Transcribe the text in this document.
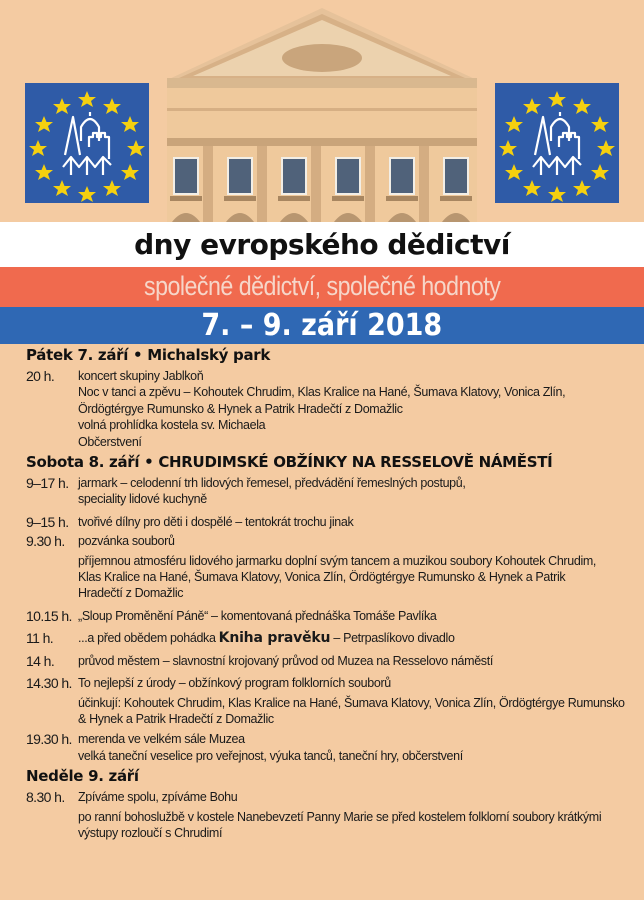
dny evropského dědictví
společné dědictví, společné hodnoty
7. – 9. září 2018
Pátek 7. září • Michalský park
20 h.	koncert skupiny Jablkoň
Noc v tanci a zpěvu – Kohoutek Chrudim, Klas Kralice na Hané, Šumava Klatovy, Vonica Zlín,
Ördögtérgye Rumunsko & Hynek a Patrik Hradečtí z Domažlic
volná prohlídka kostela sv. Michaela
Občerstvení
Sobota 8. září • CHRUDIMSKÉ OBŽÍNKY NA RESSELOVĚ NÁMĚSTÍ
9–17 h. jarmark – celodenní trh lidových řemesel, předvádění řemeslných postupů,
speciality lidové kuchyně
9–15 h. tvořivé dílny pro děti i dospělé – tentokrát trochu jinak
9.30 h.	pozvánka souborů
příjemnou atmosféru lidového jarmarku doplní svým tancem a muzikou soubory Kohoutek Chrudim,
Klas Kralice na Hané, Šumava Klatovy, Vonica Zlín, Ördögtérgye Rumunsko & Hynek a Patrik
Hradečtí z Domažlic
10.15 h. „Sloup Proměnění Páně“ – komentovaná přednáška Tomáše Pavlíka
11 h.	...a před obědem pohádka Kniha pravěku – Petrpaslíkovo divadlo
14 h.	průvod městem – slavnostní krojovaný průvod od Muzea na Resselovo náměstí
14.30 h. To nejlepší z úrody – obžínkový program folklorních souborů
účinkují: Kohoutek Chrudim, Klas Kralice na Hané, Šumava Klatovy, Vonica Zlín, Ördögtérgye Rumunsko
& Hynek a Patrik Hradečtí z Domažlic
19.30 h. merenda ve velkém sále Muzea
velká taneční veselice pro veřejnost, výuka tanců, taneční hry, občerstvení
Neděle 9. září
8.30 h.	Zpíváme spolu, zpíváme Bohu
po ranní bohoslužbě v kostele Nanebevzetí Panny Marie se před kostelem folklorní soubory krátkými
výstupy rozloučí s Chrudimí
